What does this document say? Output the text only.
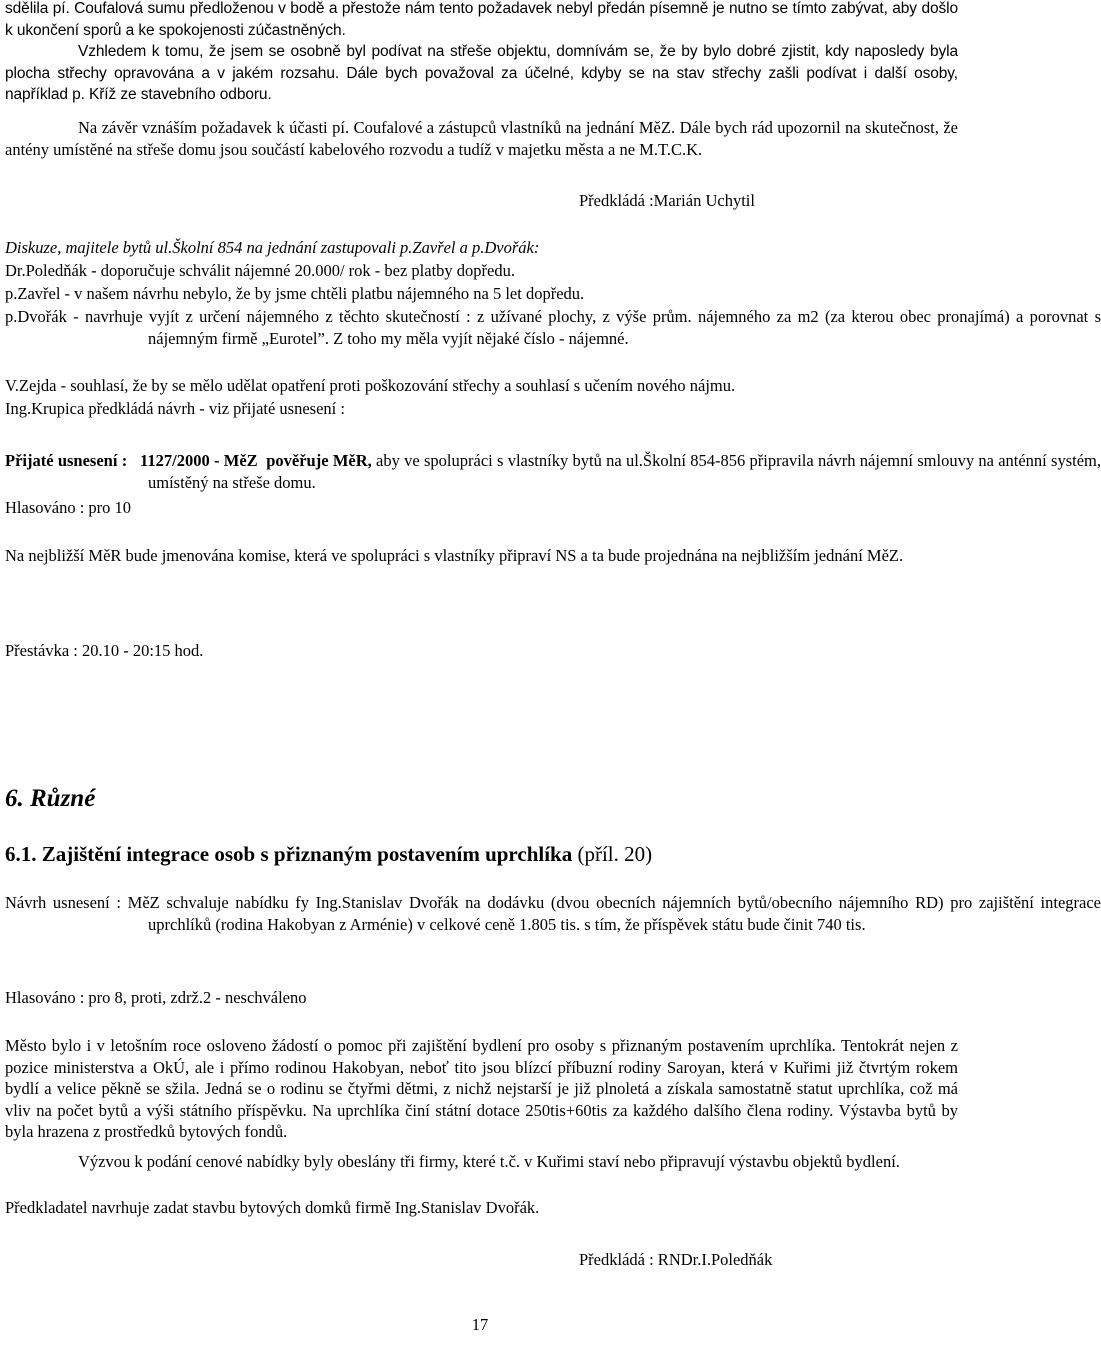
sdělila pí. Coufalová sumu předloženou v bodě a přestože nám tento požadavek nebyl předán písemně je nutno se tímto zabývat, aby došlo k ukončení sporů a ke spokojenosti zúčastněných.

Vzhledem k tomu, že jsem se osobně byl podívat na střeše objektu, domnívám se, že by bylo dobré zjistit, kdy naposledy byla plocha střechy opravována a v jakém rozsahu. Dále bych považoval za účelné, kdyby se na stav střechy zašli podívat i další osoby, například p. Kříž ze stavebního odboru.

Na závěr vznáším požadavek k účasti pí. Coufalové a zástupců vlastníků na jednání MěZ. Dále bych rád upozornil na skutečnost, že antény umístěné na střeše domu jsou součástí kabelového rozvodu a tudíž v majetku města a ne M.T.C.K.

Předkládá :Marián Uchytil

Diskuze, majitele bytů ul.Školní 854 na jednání zastupovali p.Zavřel a p.Dvořák:

Dr.Poledňák - doporučuje schválit nájemné 20.000/ rok - bez platby dopředu.

p.Zavřel - v našem návrhu nebylo, že by jsme chtěli platbu nájemného na 5 let dopředu.

p.Dvořák - navrhuje vyjít z určení nájemného z těchto skutečností : z užívané plochy, z výše prům. nájemného za m2 (za kterou obec pronajímá) a porovnat s nájemným firmě „Eurotel”. Z toho my měla vyjít nějaké číslo - nájemné.

V.Zejda - souhlasí, že by se mělo udělat opatření proti poškozování střechy a souhlasí s učením nového nájmu.

Ing.Krupica předkládá návrh - viz přijaté usnesení :

Přijaté usnesení : 1127/2000 - MěZ pověřuje MěR, aby ve spolupráci s vlastníky bytů na ul.Školní 854-856 připravila návrh nájemní smlouvy na anténní systém, umístěný na střeše domu.

Hlasováno : pro 10

Na nejbližší MěR bude jmenována komise, která ve spolupráci s vlastníky připraví NS a ta bude projednána na nejbližším jednání MěZ.

Přestávka : 20.10 - 20:15 hod.

6. Různé

6.1. Zajištění integrace osob s přiznaným postavením uprchlíka (příl. 20)

Návrh usnesení : MěZ schvaluje nabídku fy Ing.Stanislav Dvořák na dodávku (dvou obecních nájemních bytů/obecního nájemního RD) pro zajištění integrace uprchlíků (rodina Hakobyan z Arménie) v celkové ceně 1.805 tis. s tím, že příspěvek státu bude činit 740 tis.

Hlasováno : pro 8, proti, zdrž.2 - neschváleno

Město bylo i v letošním roce osloveno žádostí o pomoc při zajištění bydlení pro osoby s přiznaným postavením uprchlíka. Tentokrát nejen z pozice ministerstva a OkÚ, ale i přímo rodinou Hakobyan, neboť tito jsou blízcí příbuzní rodiny Saroyan, která v Kuřimi již čtvrtým rokem bydlí a velice pěkně se sžila. Jedná se o rodinu se čtyřmi dětmi, z nichž nejstarší je již plnoletá a získala samostatně statut uprchlíka, což má vliv na počet bytů a výši státního příspěvku. Na uprchlíka činí státní dotace 250tis+60tis za každého dalšího člena rodiny. Výstavba bytů by byla hrazena z prostředků bytových fondů.

Výzvou k podání cenové nabídky byly obeslány tři firmy, které t.č. v Kuřimi staví nebo připravují výstavbu objektů bydlení.

Předkladatel navrhuje zadat stavbu bytových domků firmě Ing.Stanislav Dvořák.

Předkládá : RNDr.I.Poledňák

17
